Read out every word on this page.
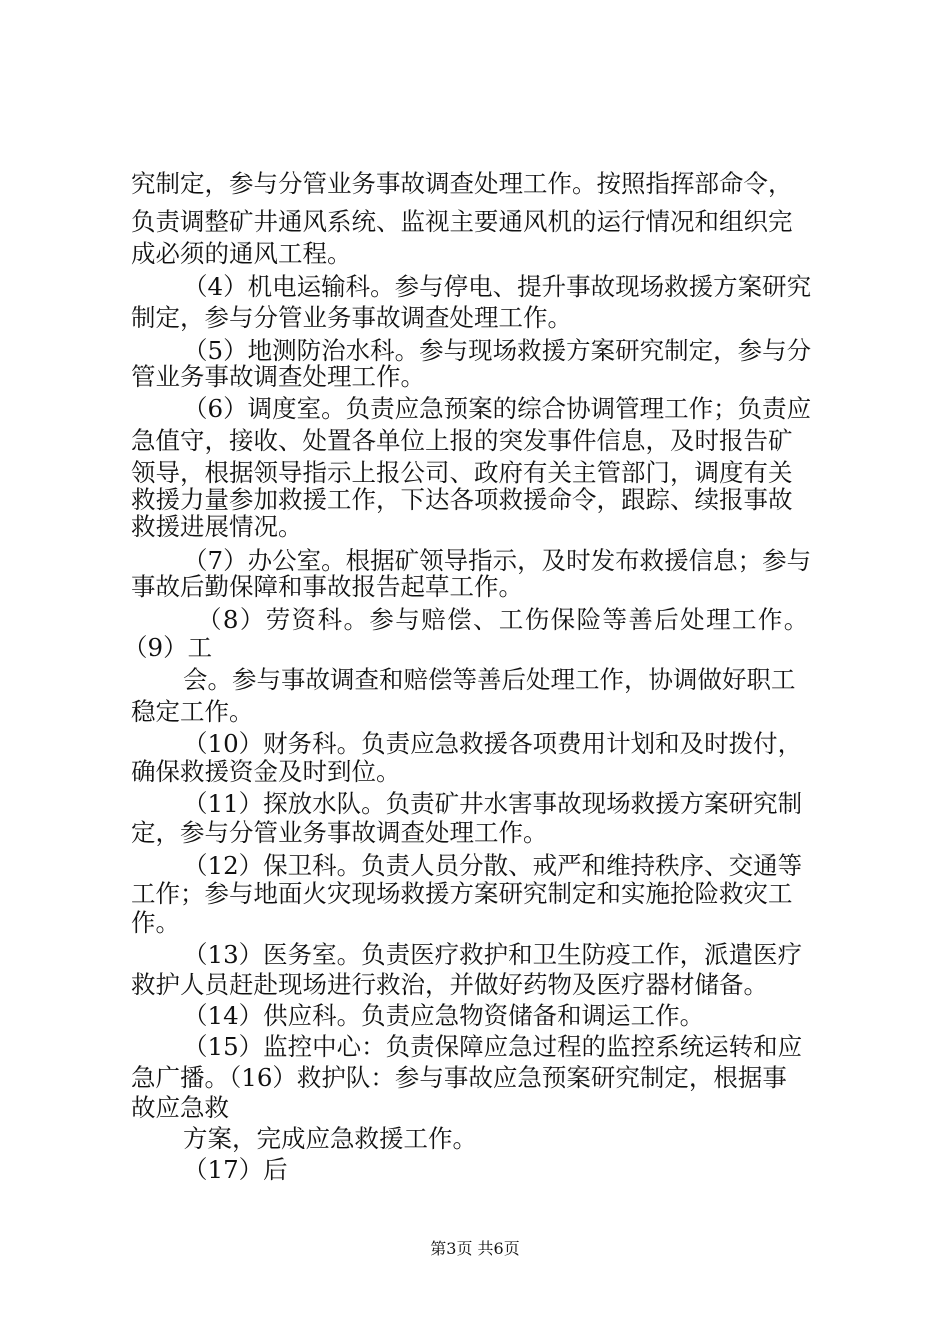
究制定，参与分管业务事故调查处理工作。按照指挥部命令，
负责调整矿井通风系统、监视主要通风机的运行情况和组织完
成必须的通风工程。
（4）机电运输科。参与停电、提升事故现场救援方案研究
制定，参与分管业务事故调查处理工作。
（5）地测防治水科。参与现场救援方案研究制定，参与分
管业务事故调查处理工作。
（6）调度室。负责应急预案的综合协调管理工作；负责应
急值守，接收、处置各单位上报的突发事件信息，及时报告矿
领导，根据领导指示上报公司、政府有关主管部门，调度有关
救援力量参加救援工作，下达各项救援命令，跟踪、续报事故
救援进展情况。
（7）办公室。根据矿领导指示，及时发布救援信息；参与
事故后勤保障和事故报告起草工作。
（8）劳资科。参与赔偿、工伤保险等善后处理工作。
（9）工
会。参与事故调查和赔偿等善后处理工作，协调做好职工
稳定工作。
（10）财务科。负责应急救援各项费用计划和及时拨付，
确保救援资金及时到位。
（11）探放水队。负责矿井水害事故现场救援方案研究制
定，参与分管业务事故调查处理工作。
（12）保卫科。负责人员分散、戒严和维持秩序、交通等
工作；参与地面火灾现场救援方案研究制定和实施抢险救灾工
作。
（13）医务室。负责医疗救护和卫生防疫工作，派遣医疗
救护人员赶赴现场进行救治，并做好药物及医疗器材储备。
（14）供应科。负责应急物资储备和调运工作。
（15）监控中心：负责保障应急过程的监控系统运转和应
急广播。（16）救护队：参与事故应急预案研究制定，根据事
故应急救
方案，完成应急救援工作。
（17）后
第3页 共6页
